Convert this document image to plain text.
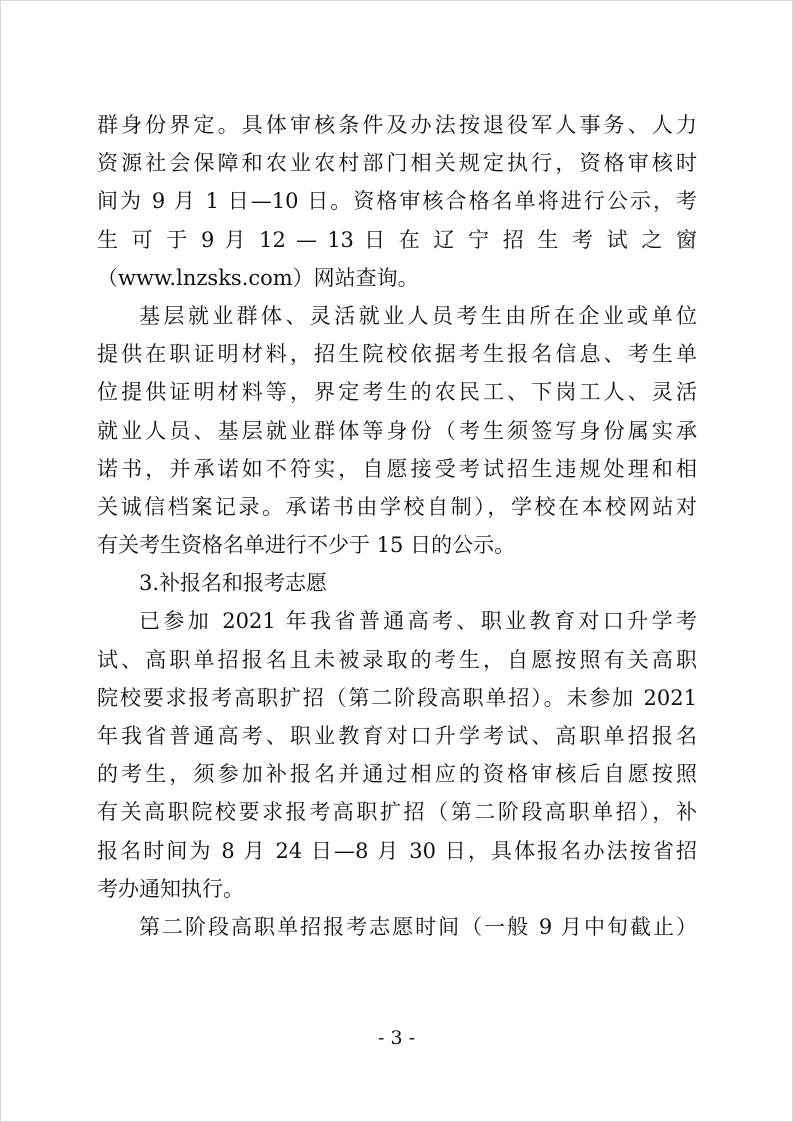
群身份界定。具体审核条件及办法按退役军人事务、人力
资源社会保障和农业农村部门相关规定执行，资格审核时
间为 9 月 1 日—10 日。资格审核合格名单将进行公示，考
生 可 于 9 月 12 — 13 日 在 辽 宁 招 生 考 试 之 窗
（www.lnzsks.com）网站查询。
基层就业群体、灵活就业人员考生由所在企业或单位
提供在职证明材料，招生院校依据考生报名信息、考生单
位提供证明材料等，界定考生的农民工、下岗工人、灵活
就业人员、基层就业群体等身份（考生须签写身份属实承
诺书，并承诺如不符实，自愿接受考试招生违规处理和相
关诚信档案记录。承诺书由学校自制），学校在本校网站对
有关考生资格名单进行不少于 15 日的公示。
3.补报名和报考志愿
已参加 2021 年我省普通高考、职业教育对口升学考
试、高职单招报名且未被录取的考生，自愿按照有关高职
院校要求报考高职扩招（第二阶段高职单招）。未参加 2021
年我省普通高考、职业教育对口升学考试、高职单招报名
的考生，须参加补报名并通过相应的资格审核后自愿按照
有关高职院校要求报考高职扩招（第二阶段高职单招），补
报名时间为 8 月 24 日—8 月 30 日，具体报名办法按省招
考办通知执行。
第二阶段高职单招报考志愿时间（一般 9 月中旬截止）
- 3 -
